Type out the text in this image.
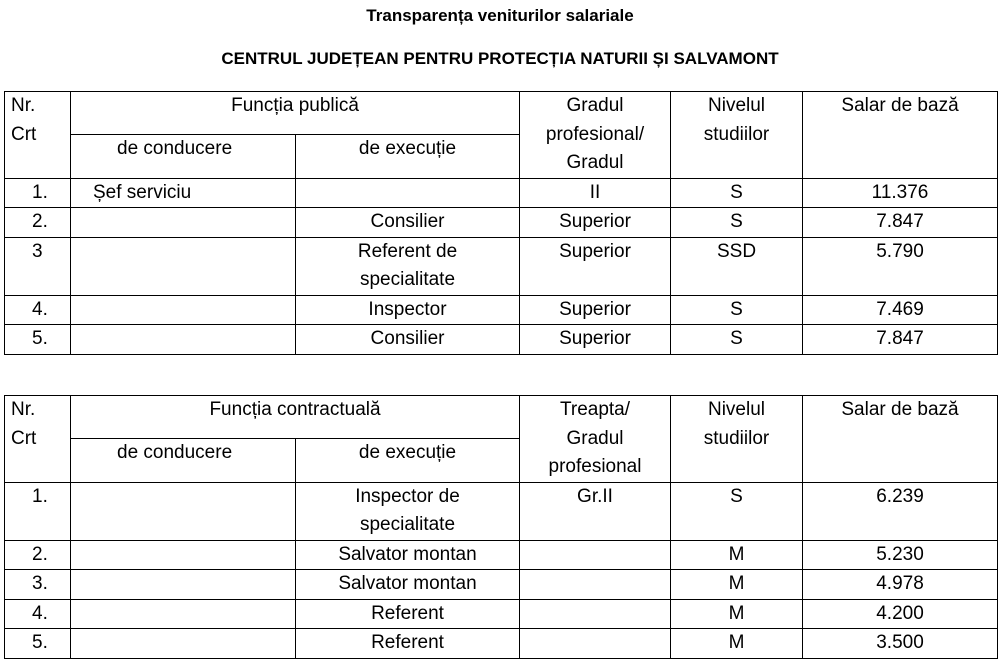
Transparența veniturilor salariale
CENTRUL JUDEȚEAN PENTRU PROTECȚIA NATURII ȘI SALVAMONT
Nr. Crt	Funcția publică		Gradul profesional/ Gradul	Nivelul studiilor	Salar de bază
	de conducere	de execuție			
1.	Șef serviciu		II	S	11.376
2.		Consilier	Superior	S	7.847
3		Referent de specialitate	Superior	SSD	5.790
4.		Inspector	Superior	S	7.469
5.		Consilier	Superior	S	7.847
Nr. Crt	Funcția contractuală		Treapta/ Gradul profesional	Nivelul studiilor	Salar de bază
	de conducere	de execuție			
1.		Inspector de specialitate	Gr.II	S	6.239
2.		Salvator montan		M	5.230
3.		Salvator montan		M	4.978
4.		Referent		M	4.200
5.		Referent		M	3.500
